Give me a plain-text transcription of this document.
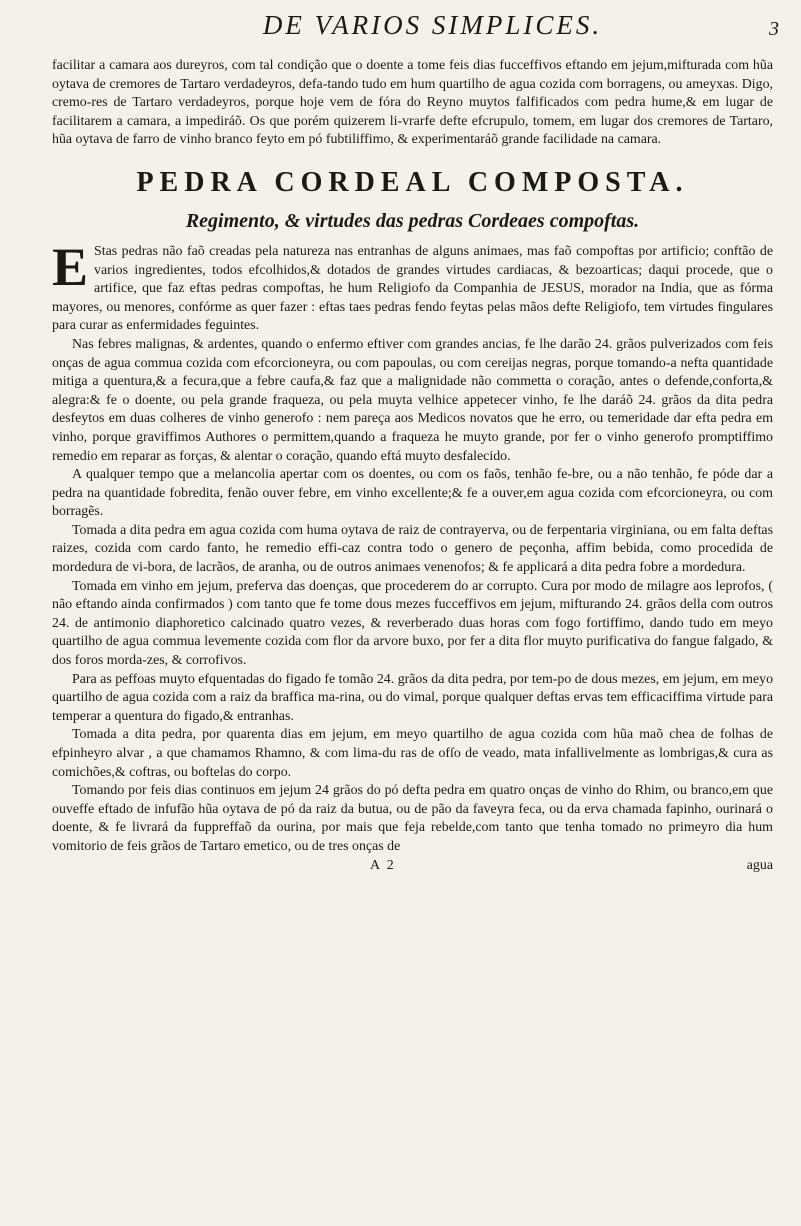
DE VARIOS SIMPLICES.	3

facilitar a camara aos dureyros, com tal condição que o doente a tome feis dias fucceffivos eftando em jejum,mifturada com hũa oytava de cremores de Tartaro verdadeyros, defa-tando tudo em hum quartilho de agua cozida com borragens, ou ameyxas. Digo, cremo-res de Tartaro verdadeyros, porque hoje vem de fóra do Reyno muytos falfificados com pedra hume,& em lugar de facilitarem a camara, a impediráõ. Os que porém quizerem li-vrarfe defte efcrupulo, tomem, em lugar dos cremores de Tartaro, hũa oytava de farro de vinho branco feyto em pó fubtiliffimo, & experimentaráõ grande facilidade na camara.

PEDRA CORDEAL COMPOSTA.
Regimento, & virtudes das pedras Cordeaes compoftas.
E Stas pedras não faõ creadas pela natureza nas entranhas de alguns animaes, mas faõ compoftas por artificio; conftão de varios ingredientes, todos efcolhidos,& dotados de grandes virtudes cardiacas, & bezoarticas; daqui procede, que o artifice, que faz eftas pedras compoftas, he hum Religiofo da Companhia de JESUS, morador na India, que as fórma mayores, ou menores, confórme as quer fazer : eftas taes pedras fendo feytas pelas mãos defte Religiofo, tem virtudes fingulares para curar as enfermidades feguintes.

Nas febres malignas, & ardentes, quando o enfermo eftiver com grandes ancias, fe lhe darão 24. grãos pulverizados com feis onças de agua commua cozida com efcorcioneyra, ou com papoulas, ou com cereijas negras, porque tomando-a nefta quantidade mitiga a quentura,& a fecura,que a febre caufa,& faz que a malignidade não commetta o coração, antes o defende,conforta,& alegra:& fe o doente, ou pela grande fraqueza, ou pela muyta velhice appetecer vinho, fe lhe daráõ 24. grãos da dita pedra desfeytos em duas colheres de vinho generofo : nem pareça aos Medicos novatos que he erro, ou temeridade dar efta pedra em vinho, porque graviffimos Authores o permittem,quando a fraqueza he muyto grande, por fer o vinho generofo promptiffimo remedio em reparar as forças, & alentar o coração, quando eftá muyto desfalecido.

A qualquer tempo que a melancolia apertar com os doentes, ou com os faõs, tenhão fe-bre, ou a não tenhão, fe póde dar a pedra na quantidade fobredita, fenão ouver febre, em vinho excellente;& fe a ouver,em agua cozida com efcorcioneyra, ou com borragẽs.

Tomada a dita pedra em agua cozida com huma oytava de raiz de contrayerva, ou de ferpentaria virginiana, ou em falta deftas raizes, cozida com cardo fanto, he remedio effi-caz contra todo o genero de peçonha, affim bebida, como procedida de mordedura de vi-bora, de lacrãos, de aranha, ou de outros animaes venenofos; & fe applicará a dita pedra fobre a mordedura.

Tomada em vinho em jejum, preferva das doenças, que procederem do ar corrupto. Cura por modo de milagre aos leprofos, ( não eftando ainda confirmados ) com tanto que fe tome dous mezes fucceffivos em jejum, mifturando 24. grãos della com outros 24. de antimonio diaphoretico calcinado quatro vezes, & reverberado duas horas com fogo fortiffimo, dando tudo em meyo quartilho de agua commua levemente cozida com flor da arvore buxo, por fer a dita flor muyto purificativa do fangue falgado, & dos foros morda-zes, & corrofivos.

Para as peffoas muyto efquentadas do figado fe tomão 24. grãos da dita pedra, por tem-po de dous mezes, em jejum, em meyo quartilho de agua cozida com a raiz da braffica ma-rina, ou do vimal, porque qualquer deftas ervas tem efficaciffima virtude para temperar a quentura do figado,& entranhas.

Tomada a dita pedra, por quarenta dias em jejum, em meyo quartilho de agua cozida com hũa maõ chea de folhas de efpinheyro alvar , a que chamamos Rhamno, & com lima-du ras de ofſo de veado, mata infallivelmente as lombrigas,& cura as comichões,& coftras, ou boftelas do corpo.

Tomando por feis dias continuos em jejum 24 grãos do pó defta pedra em quatro onças de vinho do Rhim, ou branco,em que ouveffe eftado de infufão hũa oytava de pó da raiz da butua, ou de pão da faveyra feca, ou da erva chamada fapinho, ourinará o doente, & fe livrará da fuppreffaõ da ourina, por mais que feja rebelde,com tanto que tenha tomado no primeyro dia hum vomitorio de feis grãos de Tartaro emetico, ou de tres onças de

A 2	agua
